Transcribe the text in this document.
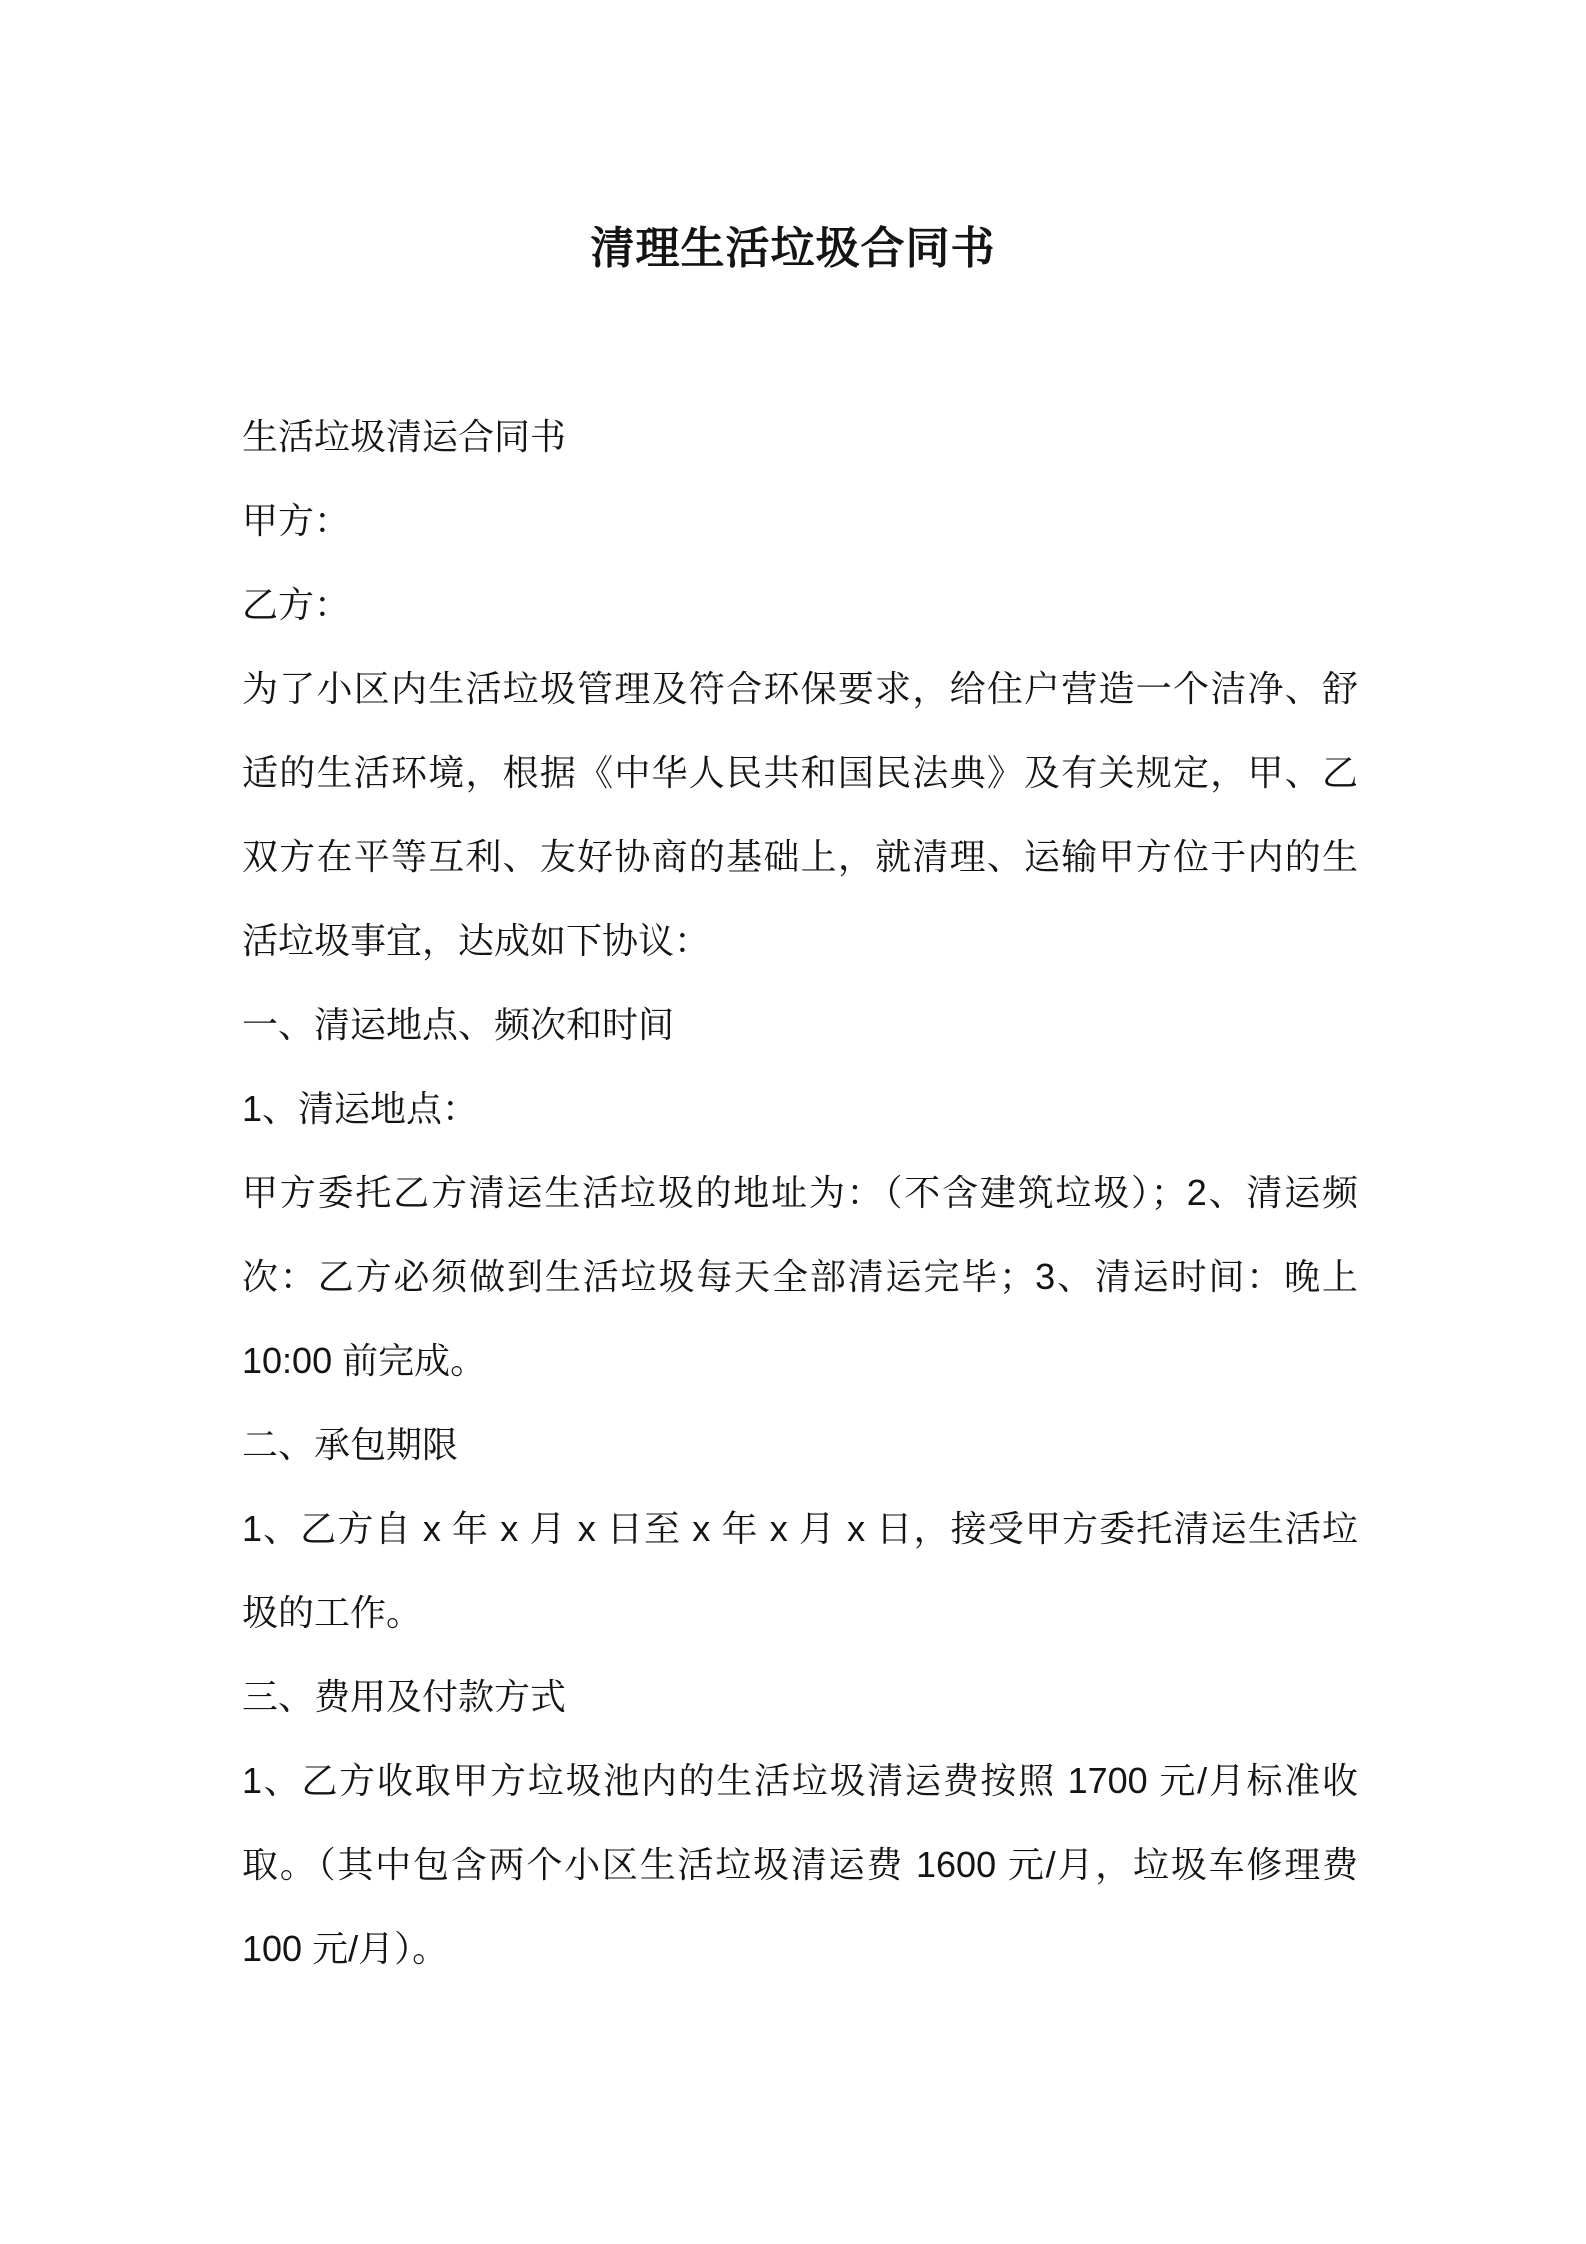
清理生活垃圾合同书
生活垃圾清运合同书
甲方：
乙方：
为了小区内生活垃圾管理及符合环保要求，给住户营造一个洁净、舒
适的生活环境，根据《中华人民共和国民法典》及有关规定，甲、乙
双方在平等互利、友好协商的基础上，就清理、运输甲方位于内的生
活垃圾事宜，达成如下协议：
一、清运地点、频次和时间
1、清运地点：
甲方委托乙方清运生活垃圾的地址为：（不含建筑垃圾）；2、清运频
次：乙方必须做到生活垃圾每天全部清运完毕；3、清运时间：晚上
10:00 前完成。
二、承包期限
1、乙方自 x 年 x 月 x 日至 x 年 x 月 x 日，接受甲方委托清运生活垃
圾的工作。
三、费用及付款方式
1、乙方收取甲方垃圾池内的生活垃圾清运费按照 1700 元/月标准收
取。（其中包含两个小区生活垃圾清运费 1600 元/月，垃圾车修理费
100 元/月）。
